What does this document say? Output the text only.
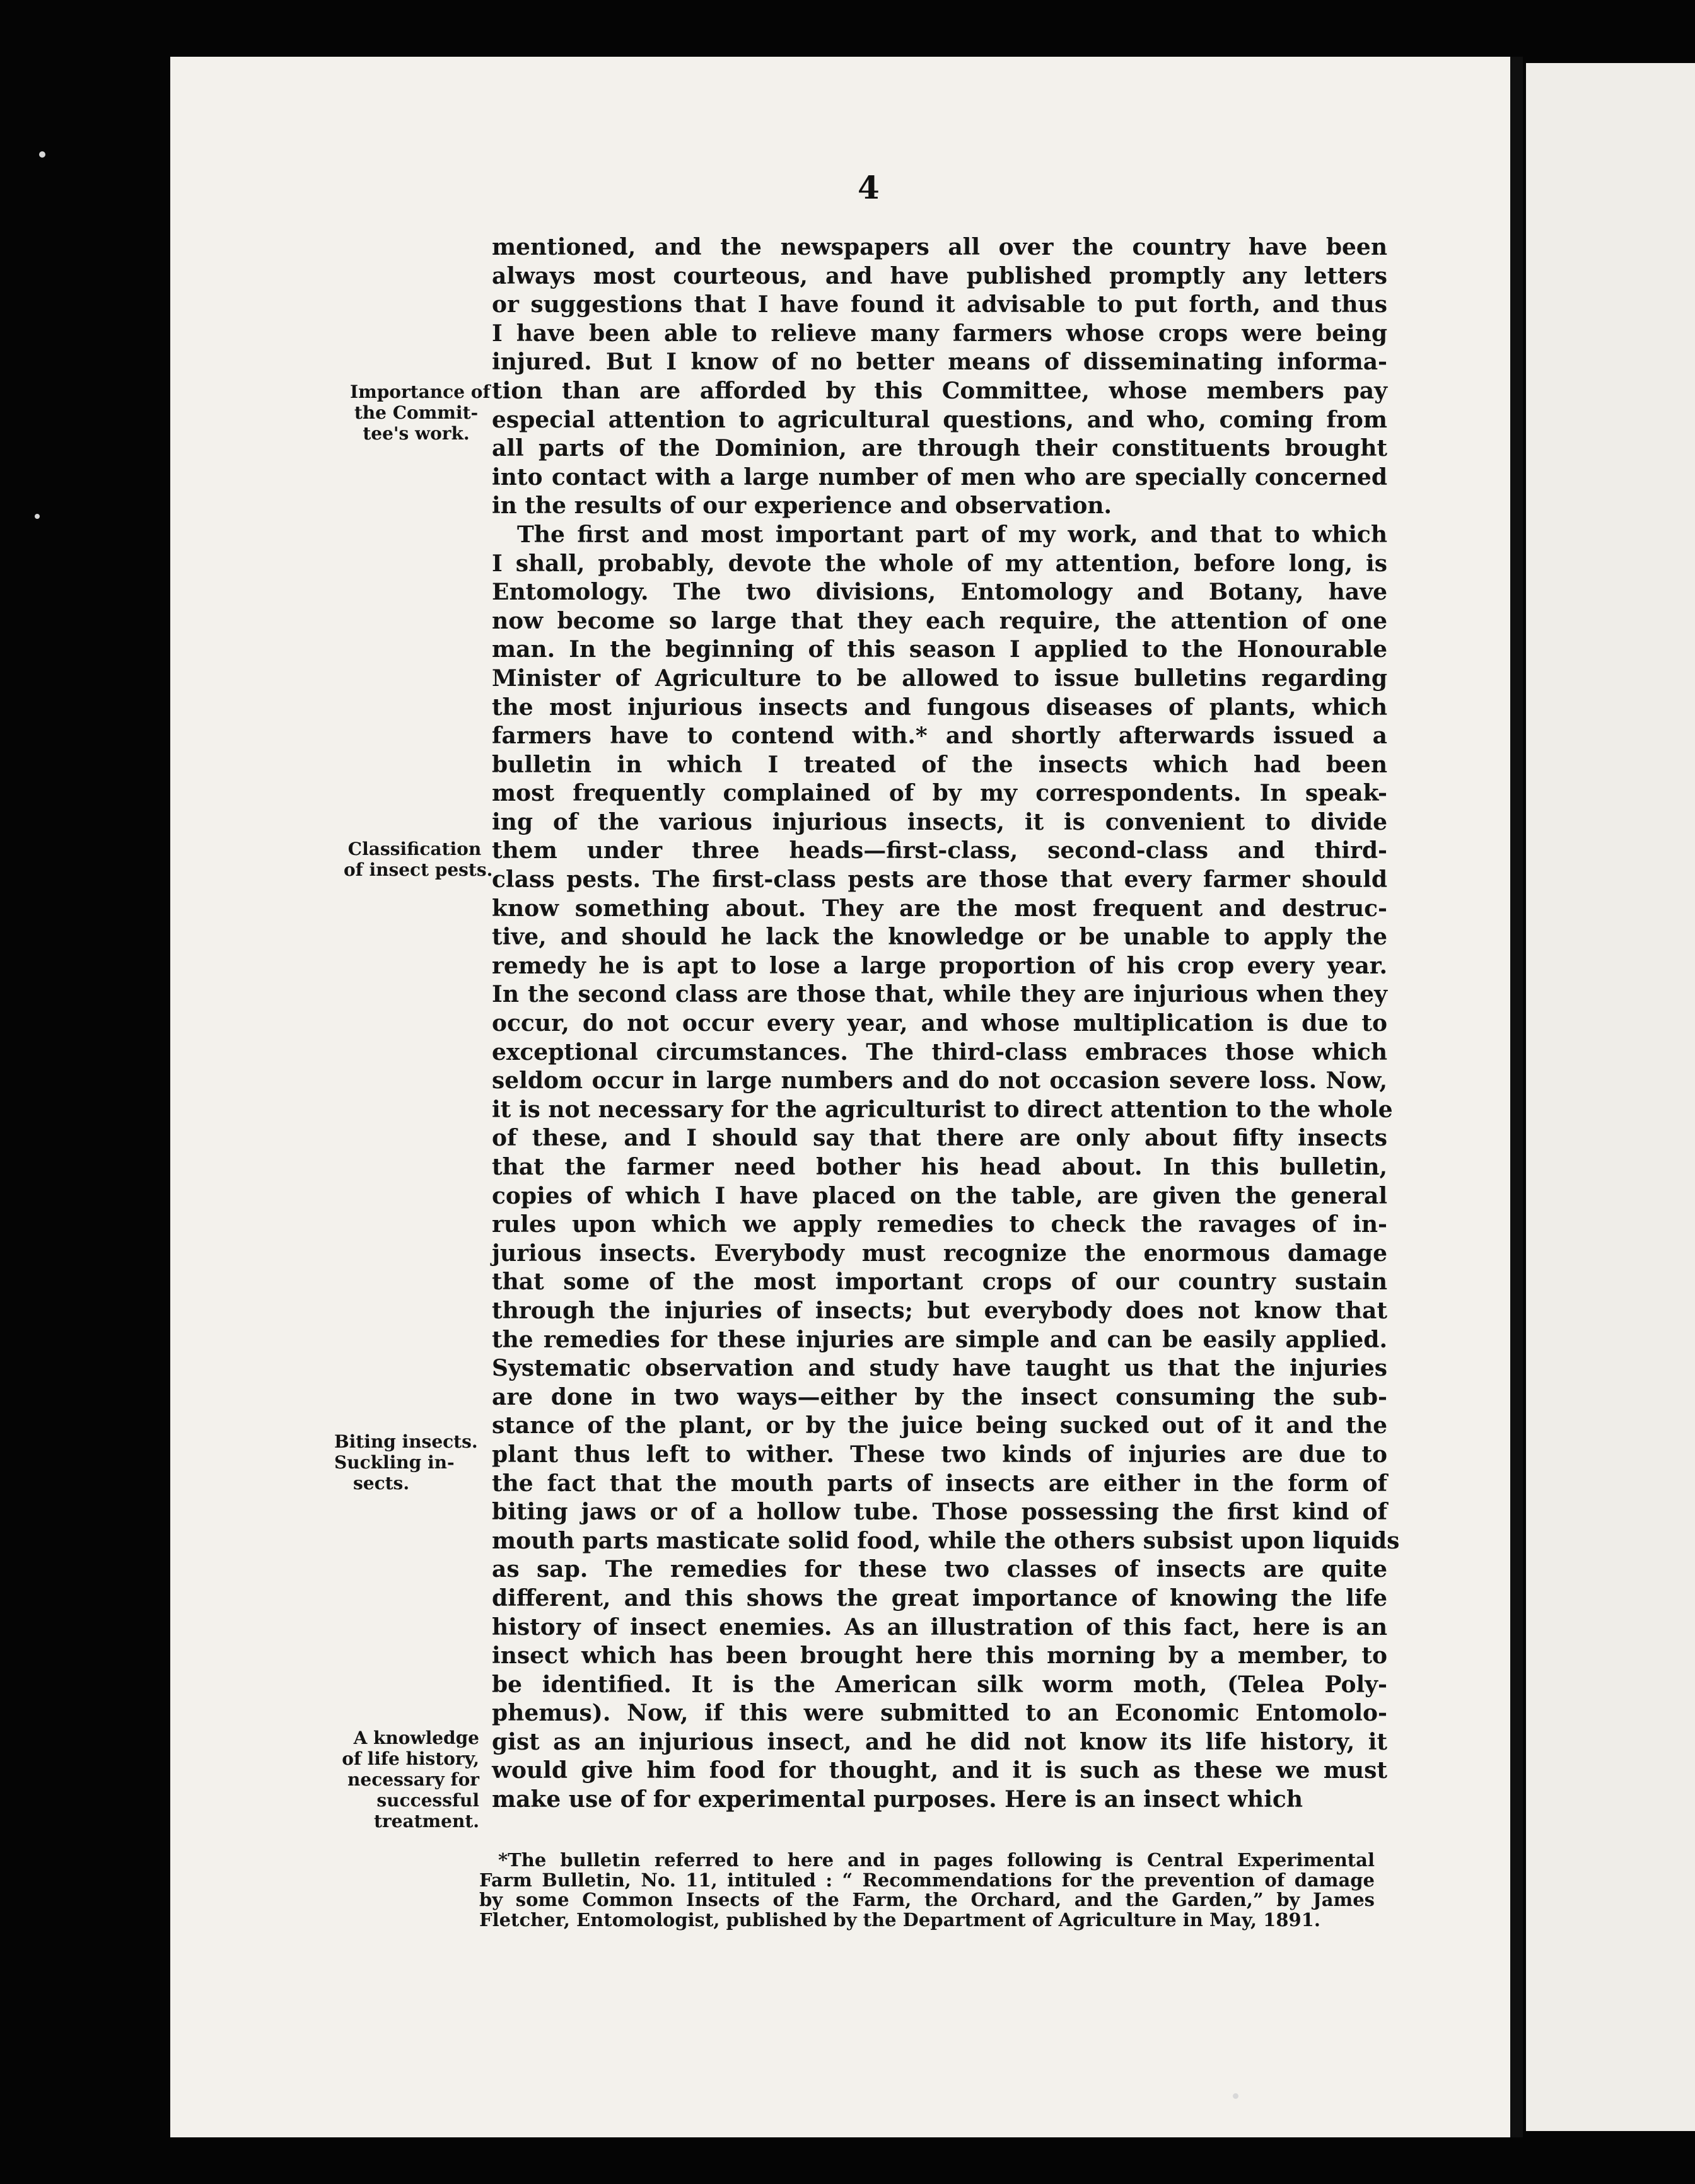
4
mentioned, and the newspapers all over the country have been
always most courteous, and have published promptly any letters
or suggestions that I have found it advisable to put forth, and thus
I have been able to relieve many farmers whose crops were being
injured. But I know of no better means of disseminating informa-
tion than are afforded by this Committee, whose members pay
especial attention to agricultural questions, and who, coming from
all parts of the Dominion, are through their constituents brought
into contact with a large number of men who are specially concerned
in the results of our experience and observation.
The first and most important part of my work, and that to which
I shall, probably, devote the whole of my attention, before long, is
Entomology. The two divisions, Entomology and Botany, have
now become so large that they each require, the attention of one
man. In the beginning of this season I applied to the Honourable
Minister of Agriculture to be allowed to issue bulletins regarding
the most injurious insects and fungous diseases of plants, which
farmers have to contend with.* and shortly afterwards issued a
bulletin in which I treated of the insects which had been
most frequently complained of by my correspondents. In speak-
ing of the various injurious insects, it is convenient to divide
them under three heads—first-class, second-class and third-
class pests. The first-class pests are those that every farmer should
know something about. They are the most frequent and destruc-
tive, and should he lack the knowledge or be unable to apply the
remedy he is apt to lose a large proportion of his crop every year.
In the second class are those that, while they are injurious when they
occur, do not occur every year, and whose multiplication is due to
exceptional circumstances. The third-class embraces those which
seldom occur in large numbers and do not occasion severe loss. Now,
it is not necessary for the agriculturist to direct attention to the whole
of these, and I should say that there are only about fifty insects
that the farmer need bother his head about. In this bulletin,
copies of which I have placed on the table, are given the general
rules upon which we apply remedies to check the ravages of in-
jurious insects. Everybody must recognize the enormous damage
that some of the most important crops of our country sustain
through the injuries of insects; but everybody does not know that
the remedies for these injuries are simple and can be easily applied.
Systematic observation and study have taught us that the injuries
are done in two ways—either by the insect consuming the sub-
stance of the plant, or by the juice being sucked out of it and the
plant thus left to wither. These two kinds of injuries are due to
the fact that the mouth parts of insects are either in the form of
biting jaws or of a hollow tube. Those possessing the first kind of
mouth parts masticate solid food, while the others subsist upon liquids
as sap. The remedies for these two classes of insects are quite
different, and this shows the great importance of knowing the life
history of insect enemies. As an illustration of this fact, here is an
insect which has been brought here this morning by a member, to
be identified. It is the American silk worm moth, (Telea Poly-
phemus). Now, if this were submitted to an Economic Entomolo-
gist as an injurious insect, and he did not know its life history, it
would give him food for thought, and it is such as these we must
make use of for experimental purposes. Here is an insect which
Importance of
the Commit-
tee's work.
Classification
of insect pests.
Biting insects.
Suckling in-
sects.
A knowledge
of life history,
necessary for
successful
treatment.
*The bulletin referred to here and in pages following is Central Experimental
Farm Bulletin, No. 11, intituled : “ Recommendations for the prevention of damage
by some Common Insects of the Farm, the Orchard, and the Garden,” by James
Fletcher, Entomologist, published by the Department of Agriculture in May, 1891.
